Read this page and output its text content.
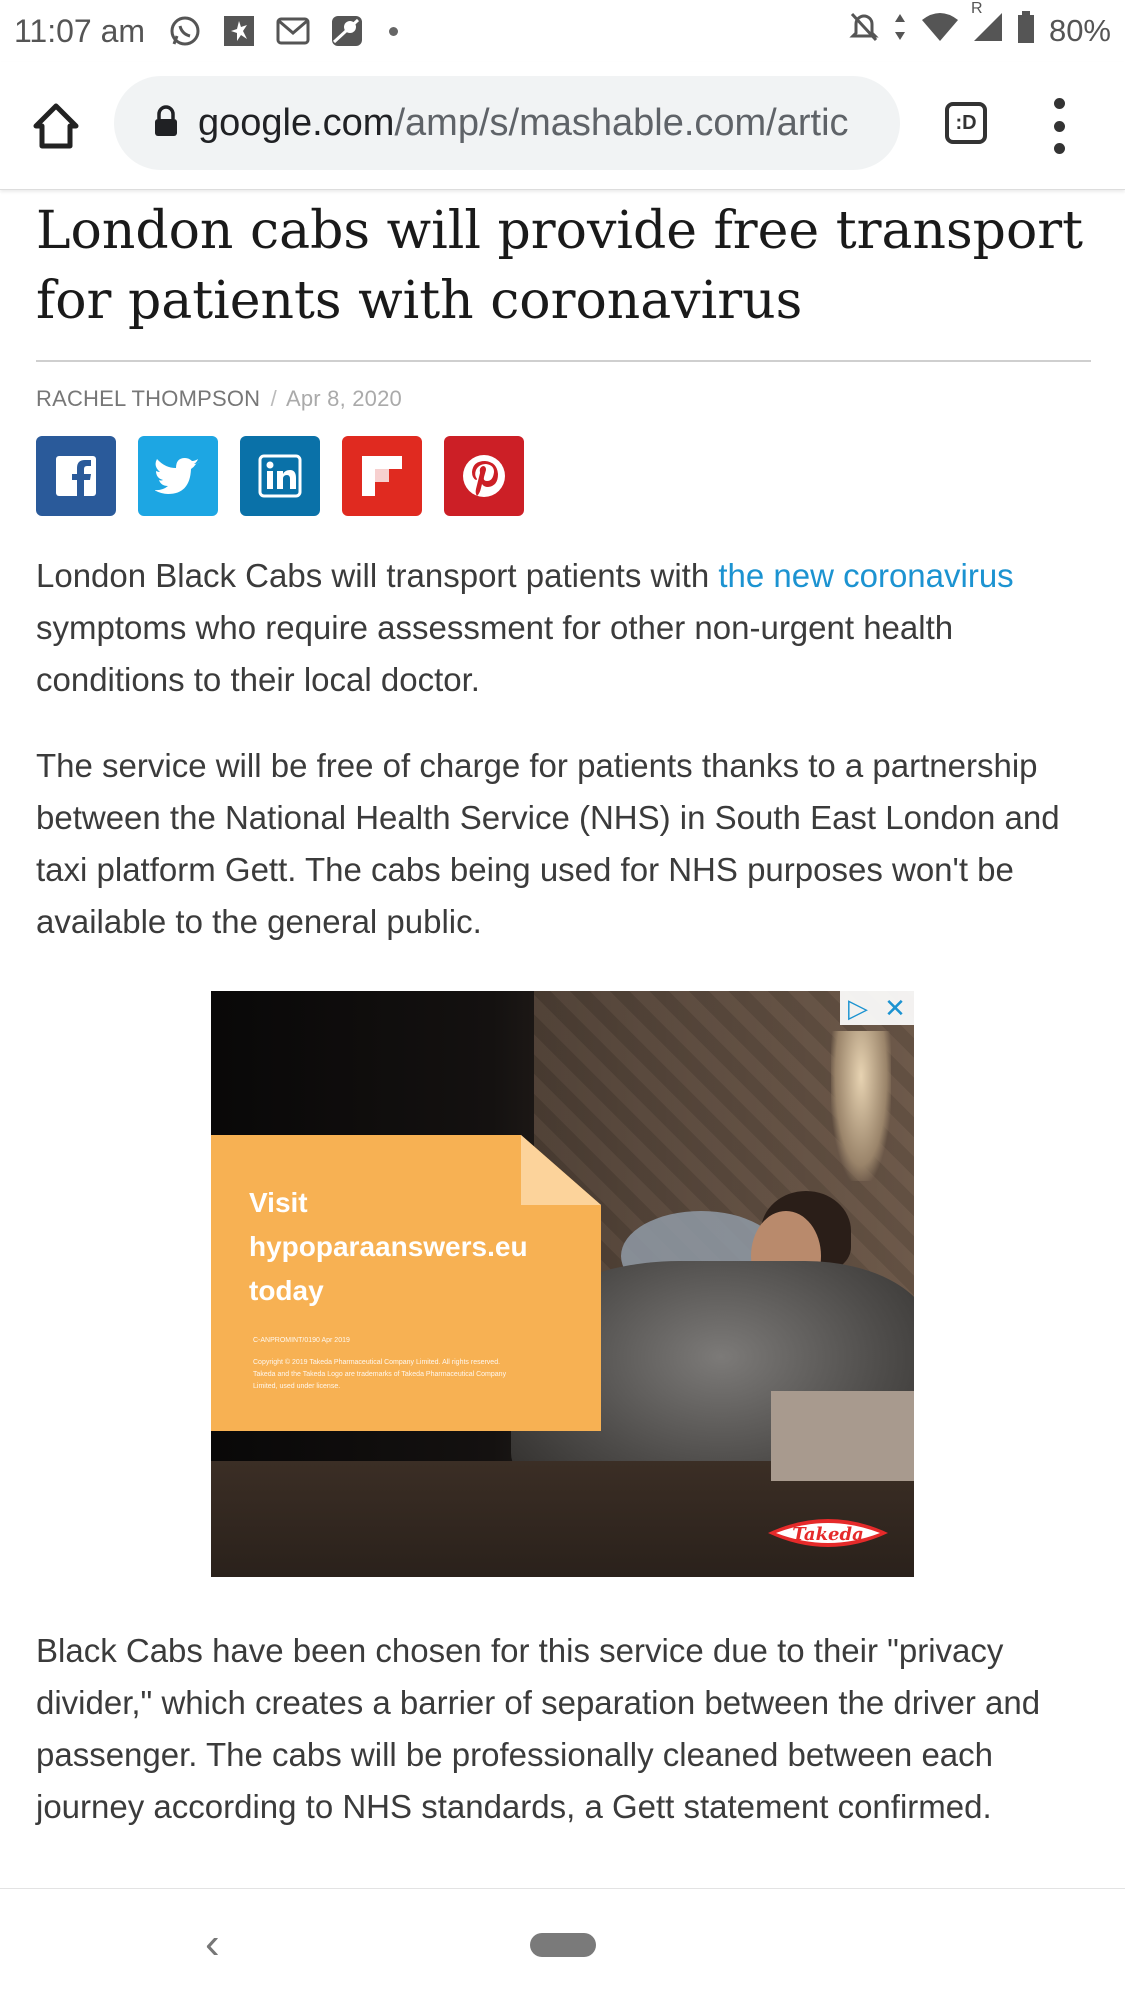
11:07 am
R
80%
google.com/amp/s/mashable.com/artic	:D
London cabs will provide free transport for patients with coronavirus
RACHEL THOMPSON / Apr 8, 2020

London Black Cabs will transport patients with the new coronavirus symptoms who require assessment for other non-urgent health conditions to their local doctor.

The service will be free of charge for patients thanks to a partnership between the National Health Service (NHS) in South East London and taxi platform Gett. The cabs being used for NHS purposes won't be available to the general public.

Visit
hypoparaanswers.eu
today
C-ANPROMINT/0190 Apr 2019
Copyright © 2019 Takeda Pharmaceutical Company Limited. All rights reserved. Takeda and the Takeda Logo are trademarks of Takeda Pharmaceutical Company Limited, used under license.
Takeda
▷ ✕

Black Cabs have been chosen for this service due to their "privacy divider," which creates a barrier of separation between the driver and passenger. The cabs will be professionally cleaned between each journey according to NHS standards, a Gett statement confirmed.

‹
